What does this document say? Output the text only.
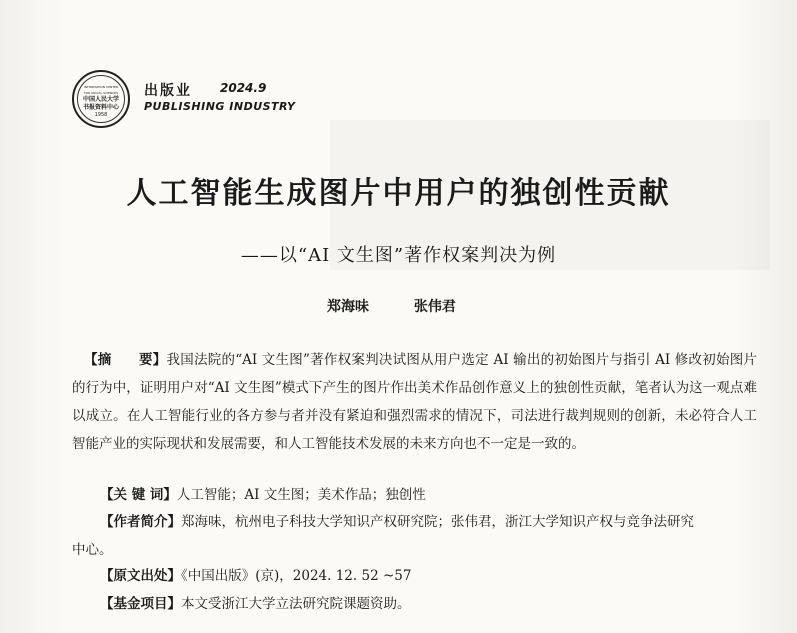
INFORMATION CENTER FOR SOCIAL SCIENCES
中国人民大学
书报资料中心
1958
出版业 2024.9
PUBLISHING INDUSTRY
人工智能生成图片中用户的独创性贡献
——以“AI 文生图”著作权案判决为例
郑海味	张伟君
【摘　　要】我国法院的“AI 文生图”著作权案判决试图从用户选定 AI 输出的初始图片与指引 AI 修改初始图片的行为中，证明用户对“AI 文生图”模式下产生的图片作出美术作品创作意义上的独创性贡献，笔者认为这一观点难以成立。在人工智能行业的各方参与者并没有紧迫和强烈需求的情况下，司法进行裁判规则的创新，未必符合人工智能产业的实际现状和发展需要，和人工智能技术发展的未来方向也不一定是一致的。
【关 键 词】人工智能；AI 文生图；美术作品；独创性
【作者简介】郑海味，杭州电子科技大学知识产权研究院；张伟君，浙江大学知识产权与竞争法研究
中心。
【原文出处】《中国出版》(京)，2024. 12. 52 ~57
【基金项目】本文受浙江大学立法研究院课题资助。
